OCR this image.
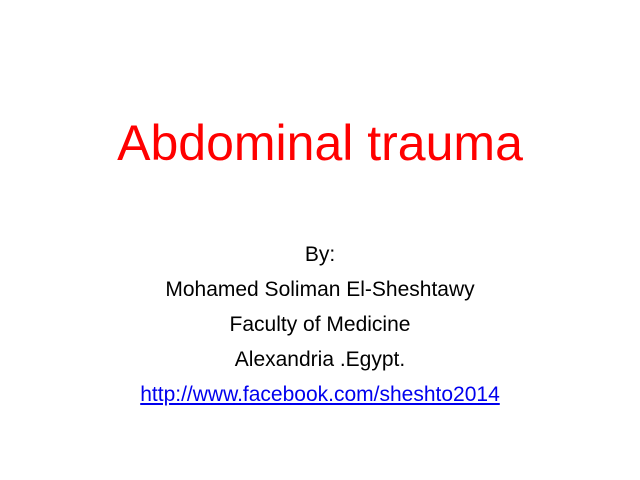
Abdominal trauma
By:
Mohamed Soliman El-Sheshtawy
Faculty of Medicine
Alexandria .Egypt.
http://www.facebook.com/sheshto2014
